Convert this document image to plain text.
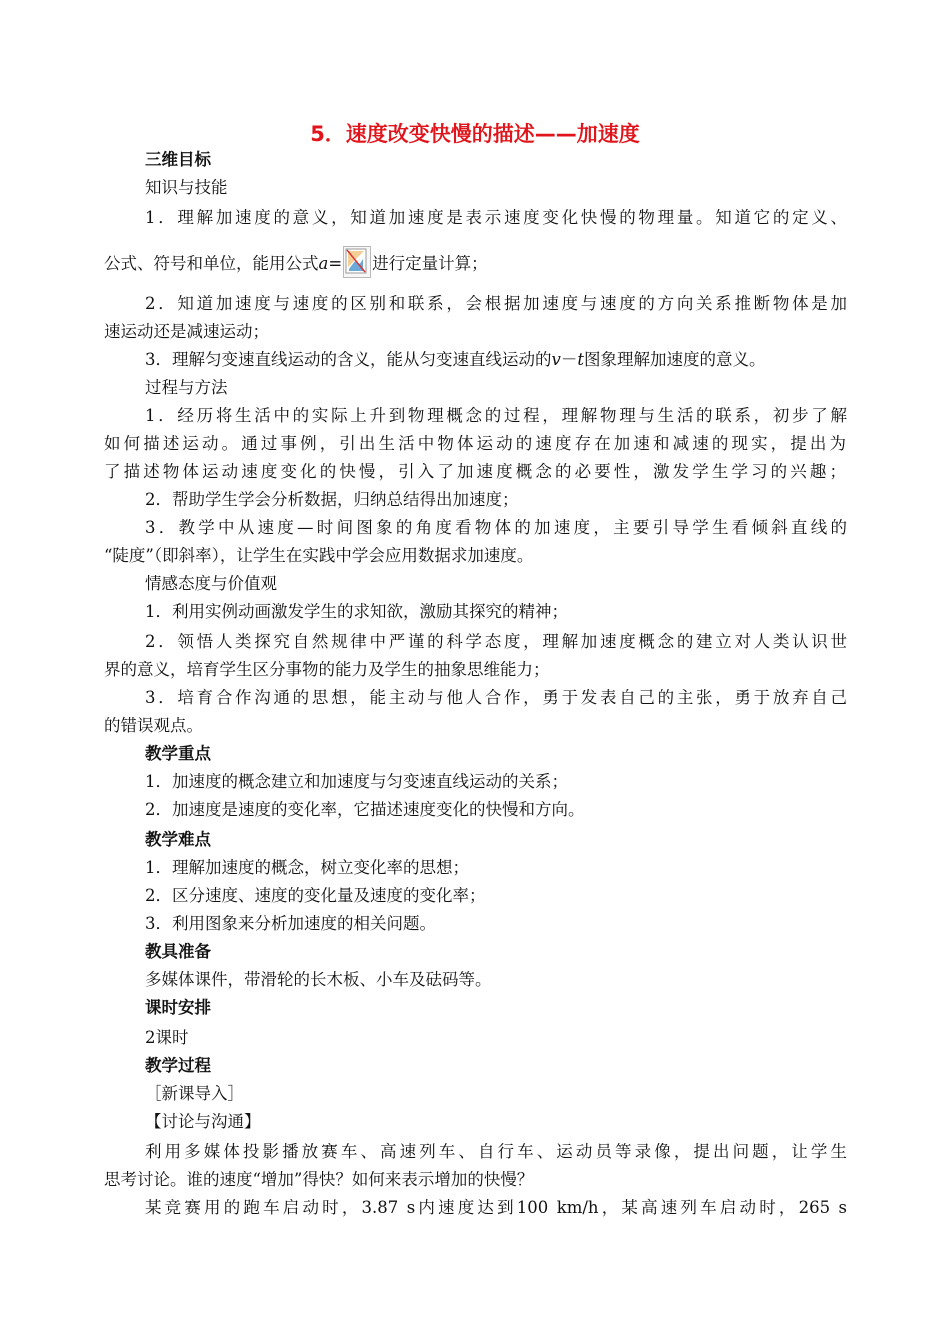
5．速度改变快慢的描述——加速度
三维目标
知识与技能
1．理解加速度的意义，知道加速度是表示速度变化快慢的物理量。知道它的定义、
公式、符号和单位，能用公式a= 进行定量计算；
2．知道加速度与速度的区别和联系，会根据加速度与速度的方向关系推断物体是加
速运动还是减速运动；
3．理解匀变速直线运动的含义，能从匀变速直线运动的v－t图象理解加速度的意义。
过程与方法
1．经历将生活中的实际上升到物理概念的过程，理解物理与生活的联系，初步了解
如何描述运动。通过事例，引出生活中物体运动的速度存在加速和减速的现实，提出为
了描述物体运动速度变化的快慢，引入了加速度概念的必要性，激发学生学习的兴趣；
2．帮助学生学会分析数据，归纳总结得出加速度；
3．教学中从速度—时间图象的角度看物体的加速度，主要引导学生看倾斜直线的
“陡度”（即斜率），让学生在实践中学会应用数据求加速度。
情感态度与价值观
1．利用实例动画激发学生的求知欲，激励其探究的精神；
2．领悟人类探究自然规律中严谨的科学态度，理解加速度概念的建立对人类认识世
界的意义，培育学生区分事物的能力及学生的抽象思维能力；
3．培育合作沟通的思想，能主动与他人合作，勇于发表自己的主张，勇于放弃自己
的错误观点。
教学重点
1．加速度的概念建立和加速度与匀变速直线运动的关系；
2．加速度是速度的变化率，它描述速度变化的快慢和方向。
教学难点
1．理解加速度的概念，树立变化率的思想；
2．区分速度、速度的变化量及速度的变化率；
3．利用图象来分析加速度的相关问题。
教具准备
多媒体课件，带滑轮的长木板、小车及砝码等。
课时安排
2课时
教学过程
［新课导入］
【讨论与沟通】
利用多媒体投影播放赛车、高速列车、自行车、运动员等录像，提出问题，让学生
思考讨论。谁的速度“增加”得快？如何来表示增加的快慢？
某竞赛用的跑车启动时，3.87 s内速度达到100 km/h，某高速列车启动时，265 s
